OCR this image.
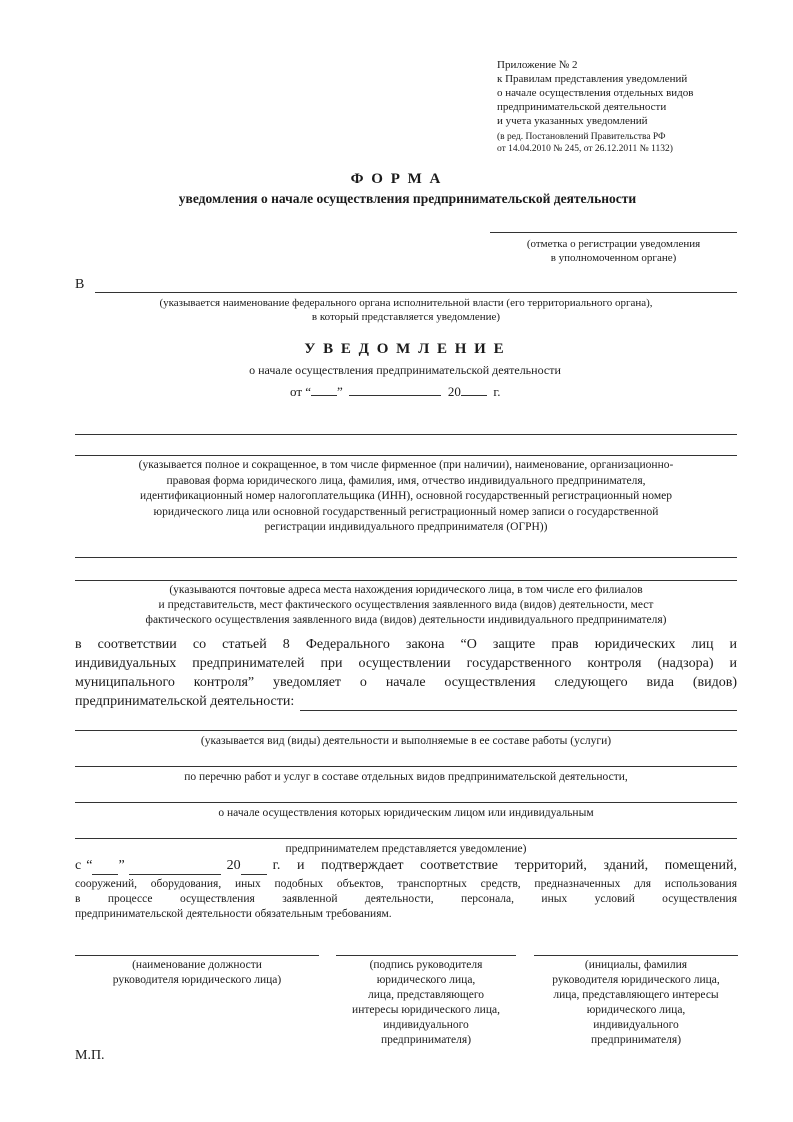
Приложение № 2
к Правилам представления уведомлений
о начале осуществления отдельных видов
предпринимательской деятельности
и учета указанных уведомлений
(в ред. Постановлений Правительства РФ
от 14.04.2010 № 245, от 26.12.2011 № 1132)
Ф О Р М А
уведомления о начале осуществления предпринимательской деятельности
(отметка о регистрации уведомления
в уполномоченном органе)
В
(указывается наименование федерального органа исполнительной власти (его территориального органа),
в который представляется уведомление)
У В Е Д О М Л Е Н И Е
о начале осуществления предпринимательской деятельности
от “ ”	20	г.
(указывается полное и сокращенное, в том числе фирменное (при наличии), наименование, организационно-
правовая форма юридического лица, фамилия, имя, отчество индивидуального предпринимателя,
идентификационный номер налогоплательщика (ИНН), основной государственный регистрационный номер
юридического лица или основной государственный регистрационный номер записи о государственной
регистрации индивидуального предпринимателя (ОГРН))
(указываются почтовые адреса места нахождения юридического лица, в том числе его филиалов
и представительств, мест фактического осуществления заявленного вида (видов) деятельности, мест
фактического осуществления заявленного вида (видов) деятельности индивидуального предпринимателя)
в соответствии со статьей 8 Федерального закона “О защите прав юридических лиц и
индивидуальных предпринимателей при осуществлении государственного контроля (надзора) и
муниципального контроля” уведомляет о начале осуществления следующего вида (видов)
предпринимательской деятельности:
(указывается вид (виды) деятельности и выполняемые в ее составе работы (услуги)
по перечню работ и услуг в составе отдельных видов предпринимательской деятельности,
о начале осуществления которых юридическим лицом или индивидуальным
предпринимателем представляется уведомление)
с “ ”	20 г. и подтверждает соответствие территорий, зданий, помещений,
сооружений, оборудования, иных подобных объектов, транспортных средств, предназначенных для использования
в процессе осуществления заявленной деятельности, персонала, иных условий осуществления
предпринимательской деятельности обязательным требованиям.
(наименование должности
руководителя юридического лица)
(подпись руководителя
юридического лица,
лица, представляющего
интересы юридического лица,
индивидуального
предпринимателя)
(инициалы, фамилия
руководителя юридического лица,
лица, представляющего интересы
юридического лица,
индивидуального
предпринимателя)
М.П.
